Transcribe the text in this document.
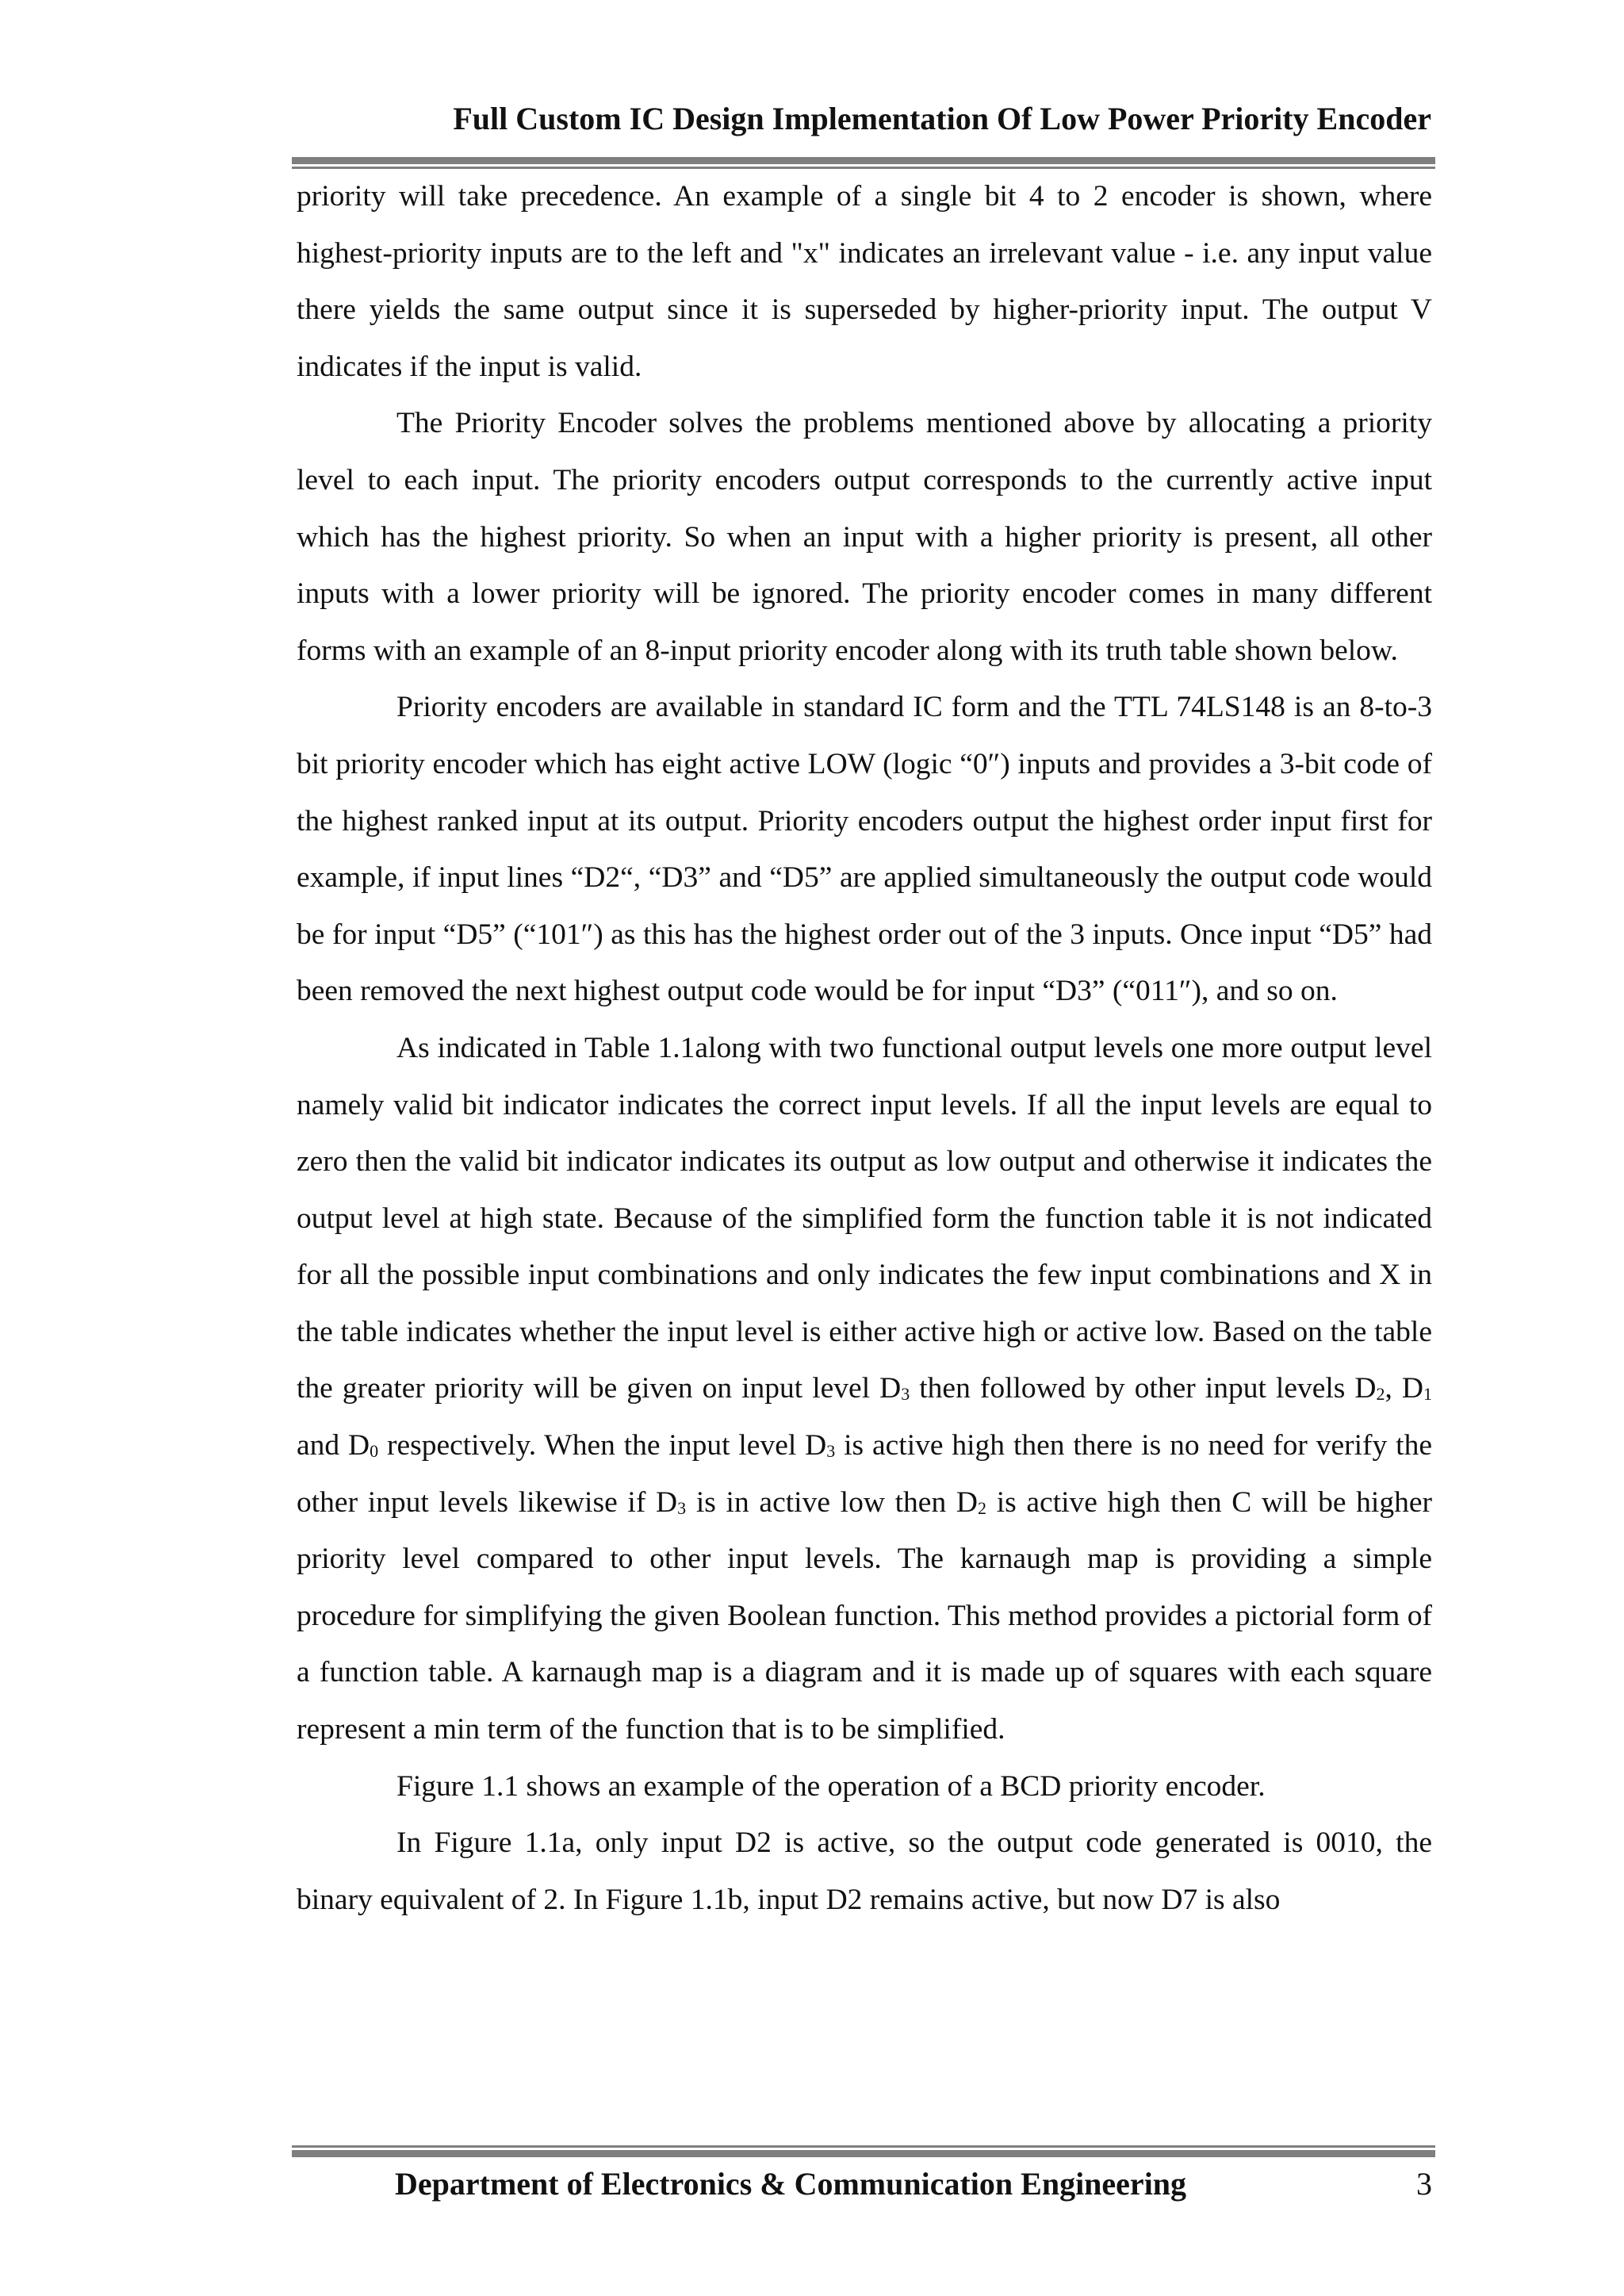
Full Custom IC Design Implementation Of Low Power Priority Encoder

priority will take precedence. An example of a single bit 4 to 2 encoder is shown, where highest-priority inputs are to the left and "x" indicates an irrelevant value - i.e. any input value there yields the same output since it is superseded by higher-priority input. The output V indicates if the input is valid.

The Priority Encoder solves the problems mentioned above by allocating a priority level to each input. The priority encoders output corresponds to the currently active input which has the highest priority. So when an input with a higher priority is present, all other inputs with a lower priority will be ignored. The priority encoder comes in many different forms with an example of an 8-input priority encoder along with its truth table shown below.

Priority encoders are available in standard IC form and the TTL 74LS148 is an 8-to-3 bit priority encoder which has eight active LOW (logic “0″) inputs and provides a 3-bit code of the highest ranked input at its output. Priority encoders output the highest order input first for example, if input lines “D2“, “D3” and “D5” are applied simultaneously the output code would be for input “D5” (“101″) as this has the highest order out of the 3 inputs. Once input “D5” had been removed the next highest output code would be for input “D3” (“011″), and so on.

As indicated in Table 1.1along with two functional output levels one more output level namely valid bit indicator indicates the correct input levels. If all the input levels are equal to zero then the valid bit indicator indicates its output as low output and otherwise it indicates the output level at high state. Because of the simplified form the function table it is not indicated for all the possible input combinations and only indicates the few input combinations and X in the table indicates whether the input level is either active high or active low. Based on the table the greater priority will be given on input level $D_3$ then followed by other input levels $D_2$, $D_1$ and $D_0$ respectively. When the input level $D_3$ is active high then there is no need for verify the other input levels likewise if $D_3$ is in active low then $D_2$ is active high then C will be higher priority level compared to other input levels. The karnaugh map is providing a simple procedure for simplifying the given Boolean function. This method provides a pictorial form of a function table. A karnaugh map is a diagram and it is made up of squares with each square represent a min term of the function that is to be simplified.

Figure 1.1 shows an example of the operation of a BCD priority encoder.

In Figure 1.1a, only input D2 is active, so the output code generated is 0010, the binary equivalent of 2. In Figure 1.1b, input D2 remains active, but now D7 is also

Department of Electronics & Communication Engineering	3
